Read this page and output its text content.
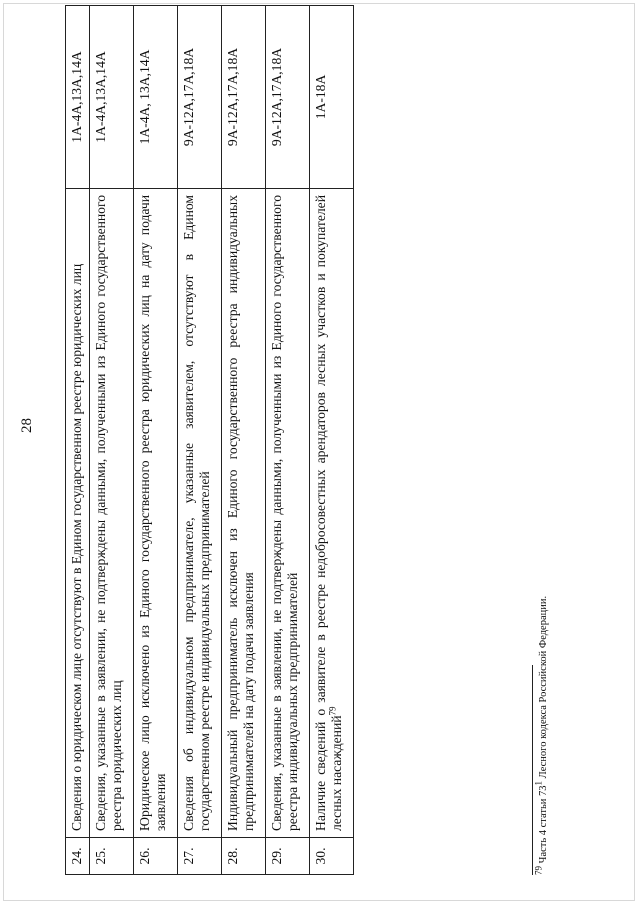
28
24.	Сведения о юридическом лице отсутствуют в Едином государственном реестре юридических лиц	1А-4А,13А,14А
25.	Сведения, указанные в заявлении, не подтверждены данными, полученными из Единого государственного реестра юридических лиц	1А-4А,13А,14А
26.	Юридическое лицо исключено из Единого государственного реестра юридических лиц на дату подачи заявления	1А-4А, 13А,14А
27.	Сведения об индивидуальном предпринимателе, указанные заявителем, отсутствуют в Едином государственном реестре индивидуальных предпринимателей	9А-12А,17А,18А
28.	Индивидуальный предприниматель исключен из Единого государственного реестра индивидуальных предпринимателей на дату подачи заявления	9А-12А,17А,18А
29.	Сведения, указанные в заявлении, не подтверждены данными, полученными из Единого государственного реестра индивидуальных предпринимателей	9А-12А,17А,18А
30.	Наличие сведений о заявителе в реестре недобросовестных арендаторов лесных участков и покупателей лесных насаждений$^{79}$	1А-18А
$^{79}$ Часть 4 статьи $73^1$ Лесного кодекса Российской Федерации.
